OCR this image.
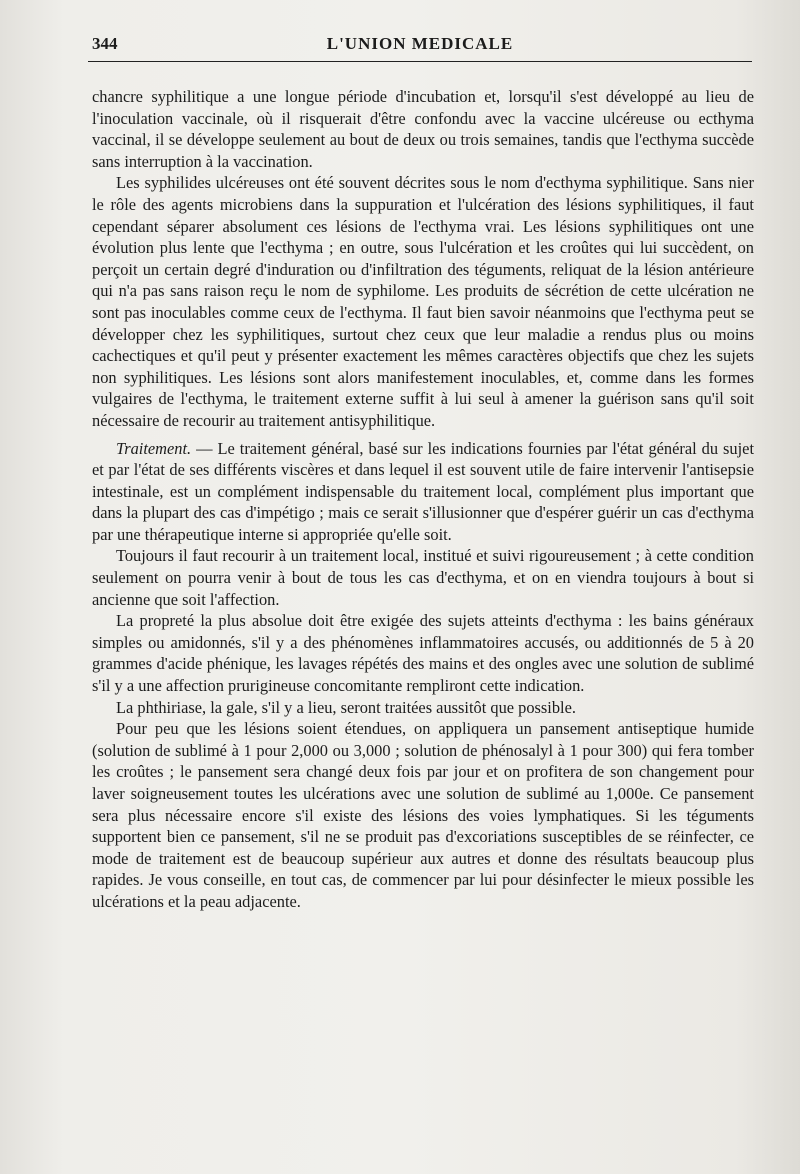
344	L'UNION MEDICALE

chancre syphilitique a une longue période d'incubation et, lorsqu'il s'est développé au lieu de l'inoculation vaccinale, où il risquerait d'être confondu avec la vaccine ulcéreuse ou ecthyma vaccinal, il se développe seulement au bout de deux ou trois semaines, tandis que l'ecthyma succède sans interruption à la vaccination.

Les syphilides ulcéreuses ont été souvent décrites sous le nom d'ecthyma syphilitique. Sans nier le rôle des agents microbiens dans la suppuration et l'ulcération des lésions syphilitiques, il faut cependant séparer absolument ces lésions de l'ecthyma vrai. Les lésions syphilitiques ont une évolution plus lente que l'ecthyma ; en outre, sous l'ulcération et les croûtes qui lui succèdent, on perçoit un certain degré d'induration ou d'infiltration des téguments, reliquat de la lésion antérieure qui n'a pas sans raison reçu le nom de syphilome. Les produits de sécrétion de cette ulcération ne sont pas inoculables comme ceux de l'ecthyma. Il faut bien savoir néanmoins que l'ecthyma peut se développer chez les syphilitiques, surtout chez ceux que leur maladie a rendus plus ou moins cachectiques et qu'il peut y présenter exactement les mêmes caractères objectifs que chez les sujets non syphilitiques. Les lésions sont alors manifestement inoculables, et, comme dans les formes vulgaires de l'ecthyma, le traitement externe suffit à lui seul à amener la guérison sans qu'il soit nécessaire de recourir au traitement antisyphilitique.

Traitement. — Le traitement général, basé sur les indications fournies par l'état général du sujet et par l'état de ses différents viscères et dans lequel il est souvent utile de faire intervenir l'antisepsie intestinale, est un complément indispensable du traitement local, complément plus important que dans la plupart des cas d'impétigo ; mais ce serait s'illusionner que d'espérer guérir un cas d'ecthyma par une thérapeutique interne si appropriée qu'elle soit.

Toujours il faut recourir à un traitement local, institué et suivi rigoureusement ; à cette condition seulement on pourra venir à bout de tous les cas d'ecthyma, et on en viendra toujours à bout si ancienne que soit l'affection.

La propreté la plus absolue doit être exigée des sujets atteints d'ecthyma : les bains généraux simples ou amidonnés, s'il y a des phénomènes inflammatoires accusés, ou additionnés de 5 à 20 grammes d'acide phénique, les lavages répétés des mains et des ongles avec une solution de sublimé s'il y a une affection prurigineuse concomitante rempliront cette indication.

La phthiriase, la gale, s'il y a lieu, seront traitées aussitôt que possible.

Pour peu que les lésions soient étendues, on appliquera un pansement antiseptique humide (solution de sublimé à 1 pour 2,000 ou 3,000 ; solution de phénosalyl à 1 pour 300) qui fera tomber les croûtes ; le pansement sera changé deux fois par jour et on profitera de son changement pour laver soigneusement toutes les ulcérations avec une solution de sublimé au 1,000e. Ce pansement sera plus nécessaire encore s'il existe des lésions des voies lymphatiques. Si les téguments supportent bien ce pansement, s'il ne se produit pas d'excoriations susceptibles de se réinfecter, ce mode de traitement est de beaucoup supérieur aux autres et donne des résultats beaucoup plus rapides. Je vous conseille, en tout cas, de commencer par lui pour désinfecter le mieux possible les ulcérations et la peau adjacente.
